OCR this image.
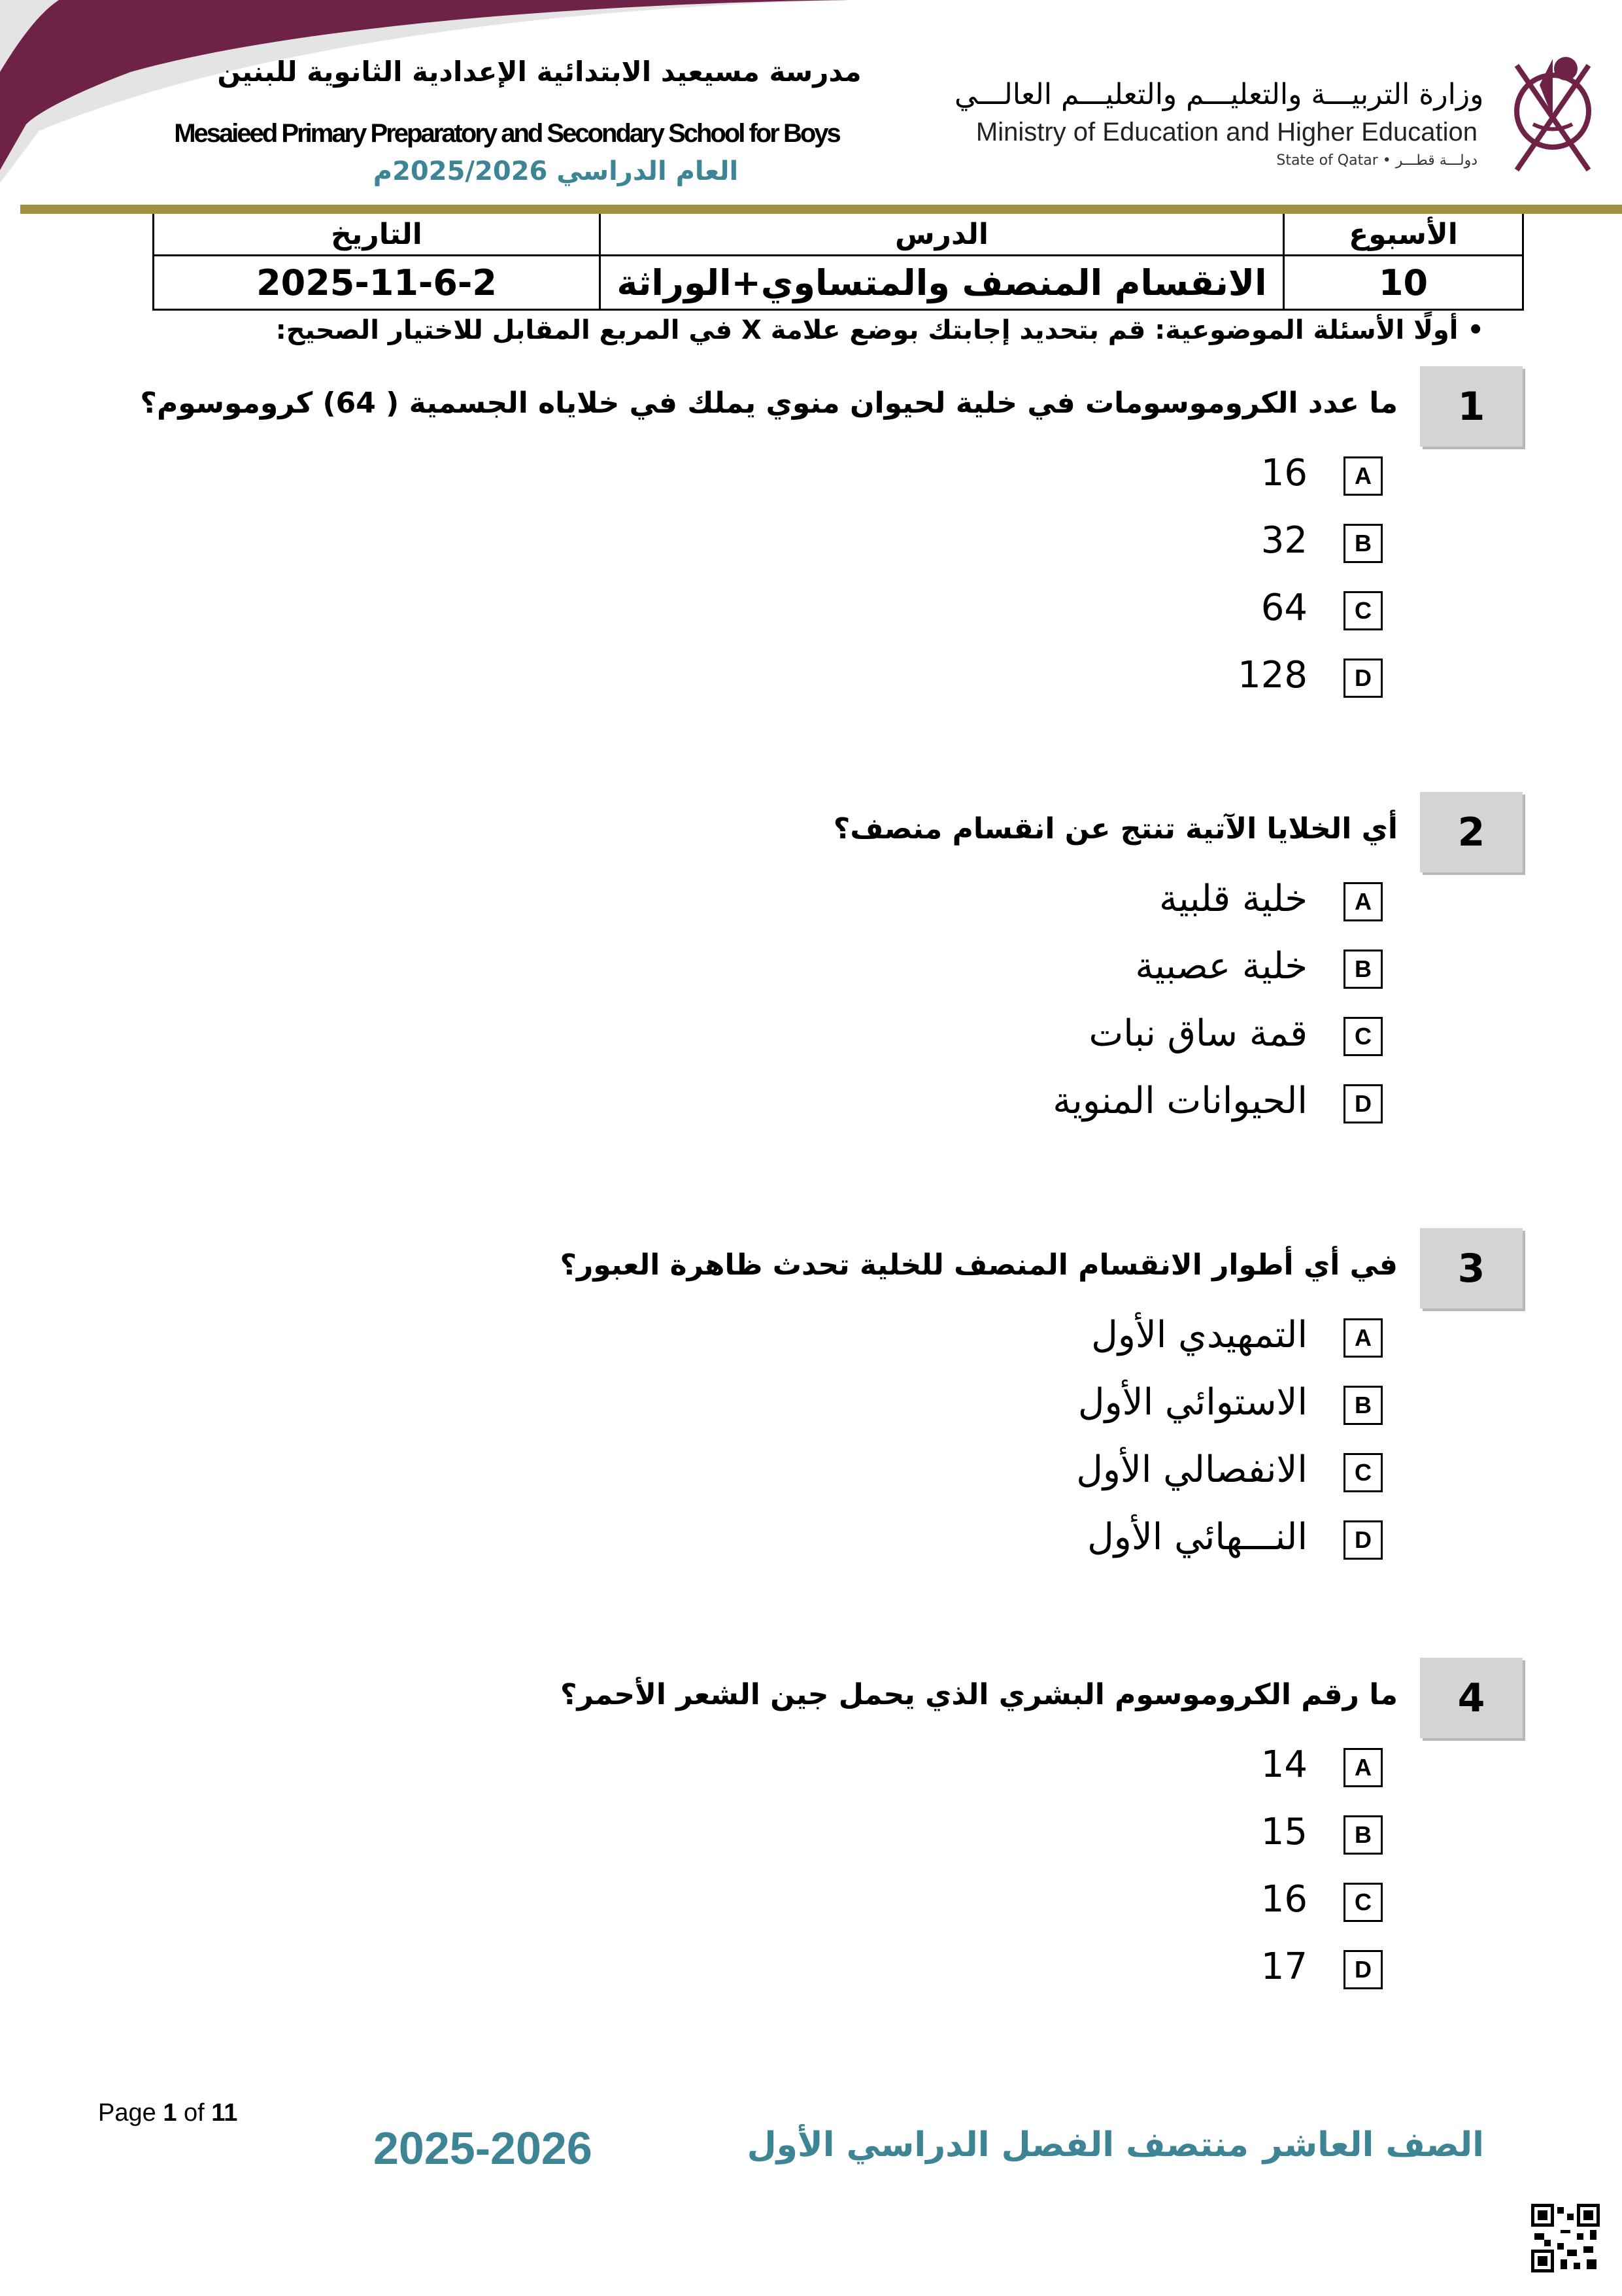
مدرسة مسيعيد الابتدائية الإعدادية الثانوية للبنين
Mesaieed Primary Preparatory and Secondary School for Boys
العام الدراسي 2025/2026م
وزارة التربيـــة والتعليـــم والتعليـــم العالـــي
Ministry of Education and Higher Education
State of Qatar • دولـــة قطـــر
الأسبوع	الدرس	التاريخ
10	الانقسام المنصف والمتساوي+الوراثة	2025-11-6-2
• أولًا الأسئلة الموضوعية: قم بتحديد إجابتك بوضع علامة X في المربع المقابل للاختيار الصحيح:
1
ما عدد الكروموسومات في خلية لحيوان منوي يملك في خلاياه الجسمية ( 64) كروموسوم؟
A
16
B
32
C
64
D
128
2
أي الخلايا الآتية تنتج عن انقسام منصف؟
A
خلية قلبية
B
خلية عصبية
C
قمة ساق نبات
D
الحيوانات المنوية
3
في أي أطوار الانقسام المنصف للخلية تحدث ظاهرة العبور؟
A
التمهيدي الأول
B
الاستوائي الأول
C
الانفصالي الأول
D
النـــهائي الأول
4
ما رقم الكروموسوم البشري الذي يحمل جين الشعر الأحمر؟
A
14
B
15
C
16
D
17
Page 1 of 11
2025-2026	منتصف الفصل الدراسي الأول الصف العاشر
